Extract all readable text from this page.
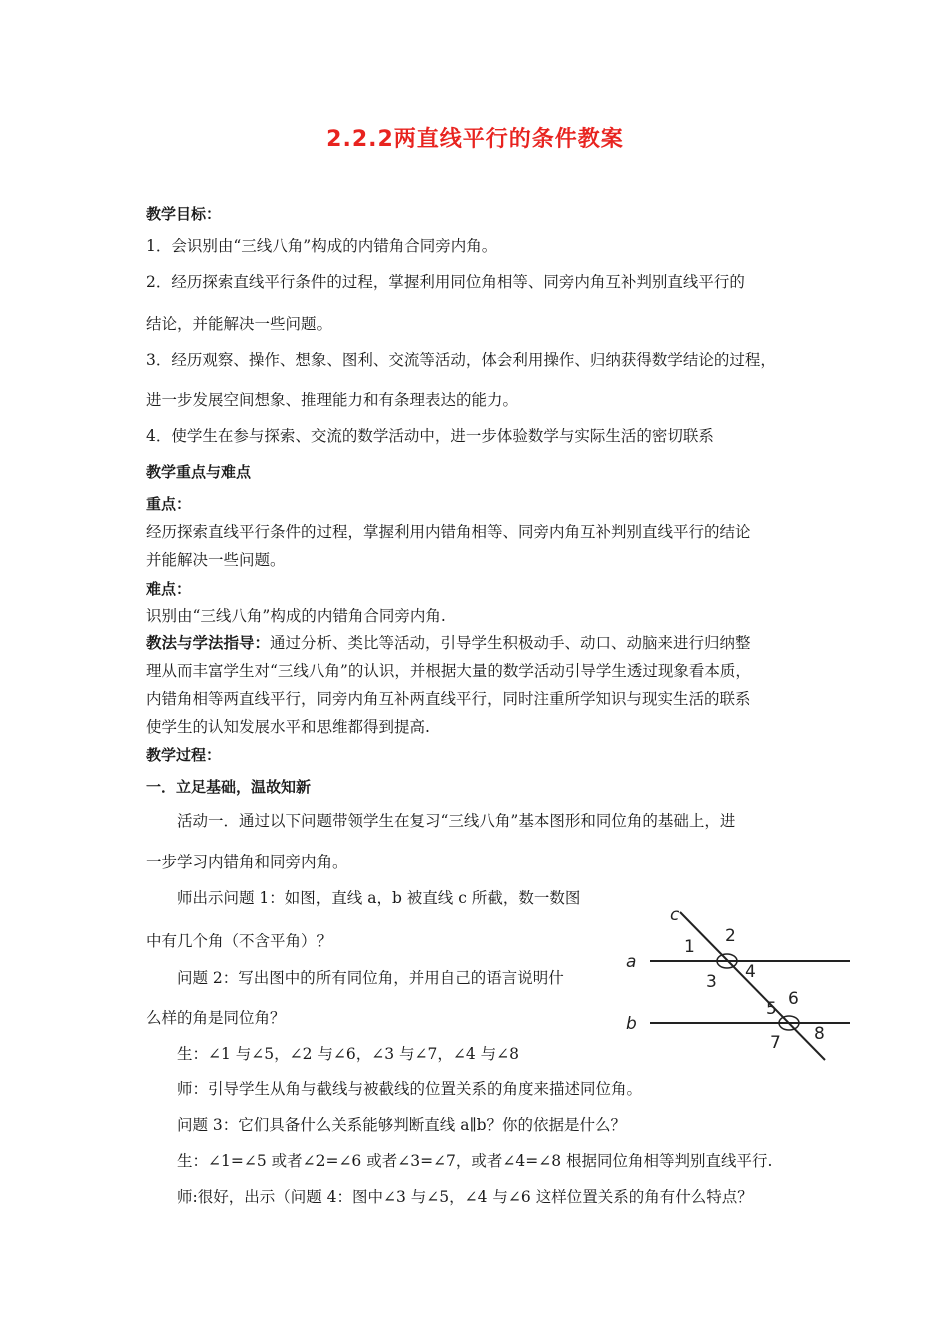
2.2.2两直线平行的条件教案
教学目标：
1．会识别由“三线八角”构成的内错角合同旁内角。
2．经历探索直线平行条件的过程，掌握利用同位角相等、同旁内角互补判别直线平行的
结论，并能解决一些问题。
3．经历观察、操作、想象、图利、交流等活动，体会利用操作、归纳获得数学结论的过程，
进一步发展空间想象、推理能力和有条理表达的能力。
4．使学生在参与探索、交流的数学活动中，进一步体验数学与实际生活的密切联系
教学重点与难点
重点：
经历探索直线平行条件的过程，掌握利用内错角相等、同旁内角互补判别直线平行的结论
并能解决一些问题。
难点：
识别由“三线八角”构成的内错角合同旁内角.
教法与学法指导：通过分析、类比等活动，引导学生积极动手、动口、动脑来进行归纳整
理从而丰富学生对“三线八角”的认识，并根据大量的数学活动引导学生透过现象看本质，
内错角相等两直线平行，同旁内角互补两直线平行，同时注重所学知识与现实生活的联系
使学生的认知发展水平和思维都得到提高.
教学过程：
一．立足基础，温故知新
活动一．通过以下问题带领学生在复习“三线八角”基本图形和同位角的基础上，进
一步学习内错角和同旁内角。
师出示问题 1：如图，直线 a，b 被直线 c 所截，数一数图
中有几个角（不含平角）？
问题 2：写出图中的所有同位角，并用自己的语言说明什
么样的角是同位角？
生：∠1 与∠5，∠2 与∠6，∠3 与∠7，∠4 与∠8
师：引导学生从角与截线与被截线的位置关系的角度来描述同位角。
问题 3：它们具备什么关系能够判断直线 a∥b？你的依据是什么？
生：∠1=∠5 或者∠2=∠6 或者∠3=∠7，或者∠4=∠8 根据同位角相等判别直线平行.
师:很好，出示（问题 4：图中∠3 与∠5，∠4 与∠6 这样位置关系的角有什么特点？
c
a
b
1
2
3 4
5 6
7 8
